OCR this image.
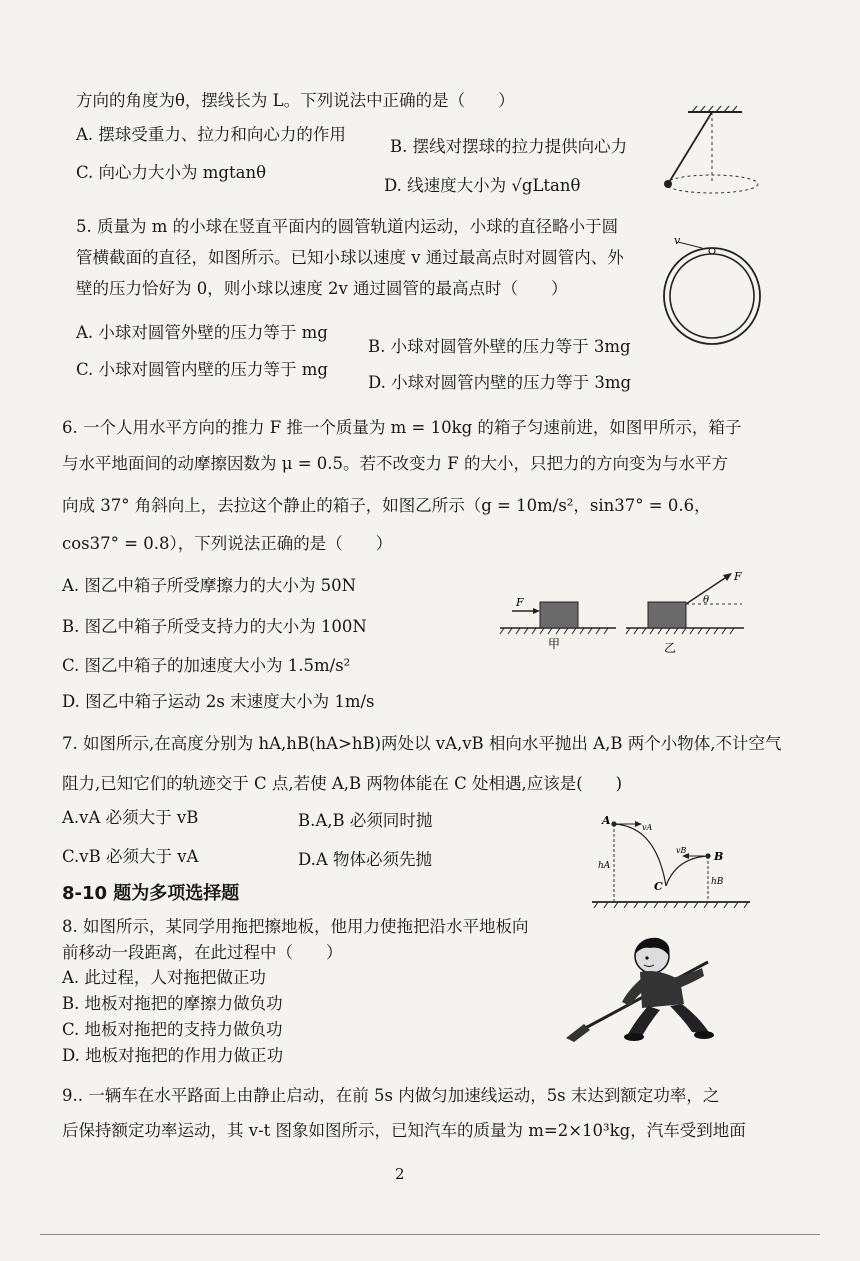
方向的角度为θ，摆线长为 L。下列说法中正确的是（　　）
A. 摆球受重力、拉力和向心力的作用
B. 摆线对摆球的拉力提供向心力
C. 向心力大小为 mgtanθ
D. 线速度大小为 √gLtanθ
5. 质量为 m 的小球在竖直平面内的圆管轨道内运动，小球的直径略小于圆
管横截面的直径，如图所示。已知小球以速度 v 通过最高点时对圆管内、外
壁的压力恰好为 0，则小球以速度 2v 通过圆管的最高点时（　　）
A. 小球对圆管外壁的压力等于 mg
B. 小球对圆管外壁的压力等于 3mg
C. 小球对圆管内壁的压力等于 mg
D. 小球对圆管内壁的压力等于 3mg
v
6. 一个人用水平方向的推力 F 推一个质量为 m = 10kg 的箱子匀速前进，如图甲所示，箱子
与水平地面间的动摩擦因数为 μ = 0.5。若不改变力 F 的大小，只把力的方向变为与水平方
向成 37° 角斜向上，去拉这个静止的箱子，如图乙所示（g = 10m/s²，sin37° = 0.6，
cos37° = 0.8），下列说法正确的是（　　）
A. 图乙中箱子所受摩擦力的大小为 50N
B. 图乙中箱子所受支持力的大小为 100N
C. 图乙中箱子的加速度大小为 1.5m/s²
D. 图乙中箱子运动 2s 末速度大小为 1m/s
F
甲
F
θ
乙
7. 如图所示,在高度分别为 hA,hB(hA>hB)两处以 vA,vB 相向水平抛出 A,B 两个小物体,不计空气
阻力,已知它们的轨迹交于 C 点,若使 A,B 两物体能在 C 处相遇,应该是(　　)
A.vA 必须大于 vB	B.A,B 必须同时抛
C.vB 必须大于 vA	D.A 物体必须先抛
A
vA
B
vB
C
hA
hB
8-10 题为多项选择题
8. 如图所示，某同学用拖把擦地板，他用力使拖把沿水平地板向
前移动一段距离，在此过程中（　　）
A. 此过程，人对拖把做正功
B. 地板对拖把的摩擦力做负功
C. 地板对拖把的支持力做负功
D. 地板对拖把的作用力做正功
9.. 一辆车在水平路面上由静止启动，在前 5s 内做匀加速线运动，5s 末达到额定功率，之
后保持额定功率运动，其 v-t 图象如图所示，已知汽车的质量为 m=2×10³kg，汽车受到地面
2
